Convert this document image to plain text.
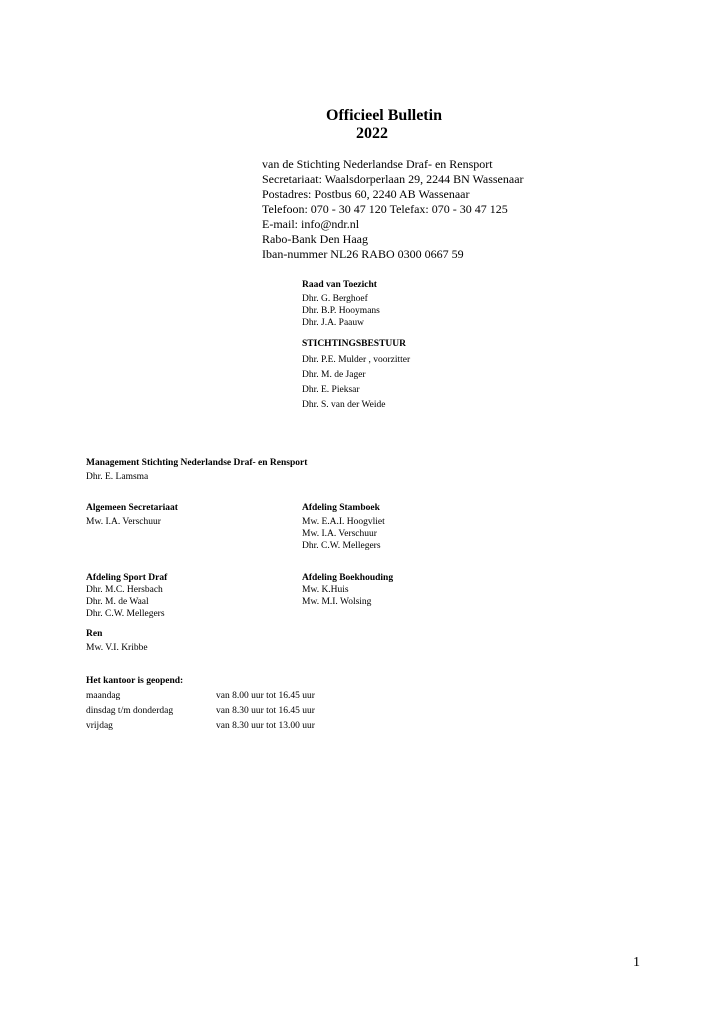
Officieel Bulletin
2022
van de Stichting Nederlandse Draf- en Rensport
Secretariaat: Waalsdorperlaan 29, 2244 BN Wassenaar
Postadres: Postbus 60, 2240 AB Wassenaar
Telefoon: 070 - 30 47 120 Telefax: 070 - 30 47 125
E-mail: info@ndr.nl
Rabo-Bank Den Haag
Iban-nummer NL26 RABO 0300 0667 59
Raad van Toezicht
Dhr. G. Berghoef
Dhr. B.P. Hooymans
Dhr. J.A. Paauw
STICHTINGSBESTUUR
Dhr. P.E. Mulder , voorzitter
Dhr. M. de Jager
Dhr. E. Pieksar
Dhr. S. van der Weide
Management Stichting Nederlandse Draf- en Rensport
Dhr. E. Lamsma
Algemeen Secretariaat
Mw. I.A. Verschuur
Afdeling Stamboek
Mw. E.A.I. Hoogvliet
Mw. I.A. Verschuur
Dhr. C.W. Mellegers
Afdeling Sport Draf
Dhr. M.C. Hersbach
Dhr. M. de Waal
Dhr. C.W. Mellegers
Afdeling Boekhouding
Mw. K.Huis
Mw. M.I. Wolsing
Ren
Mw. V.I. Kribbe
Het kantoor is geopend:
maandag	van 8.00 uur tot 16.45 uur
dinsdag t/m donderdag	van 8.30 uur tot 16.45 uur
vrijdag	van 8.30 uur tot 13.00 uur
1
